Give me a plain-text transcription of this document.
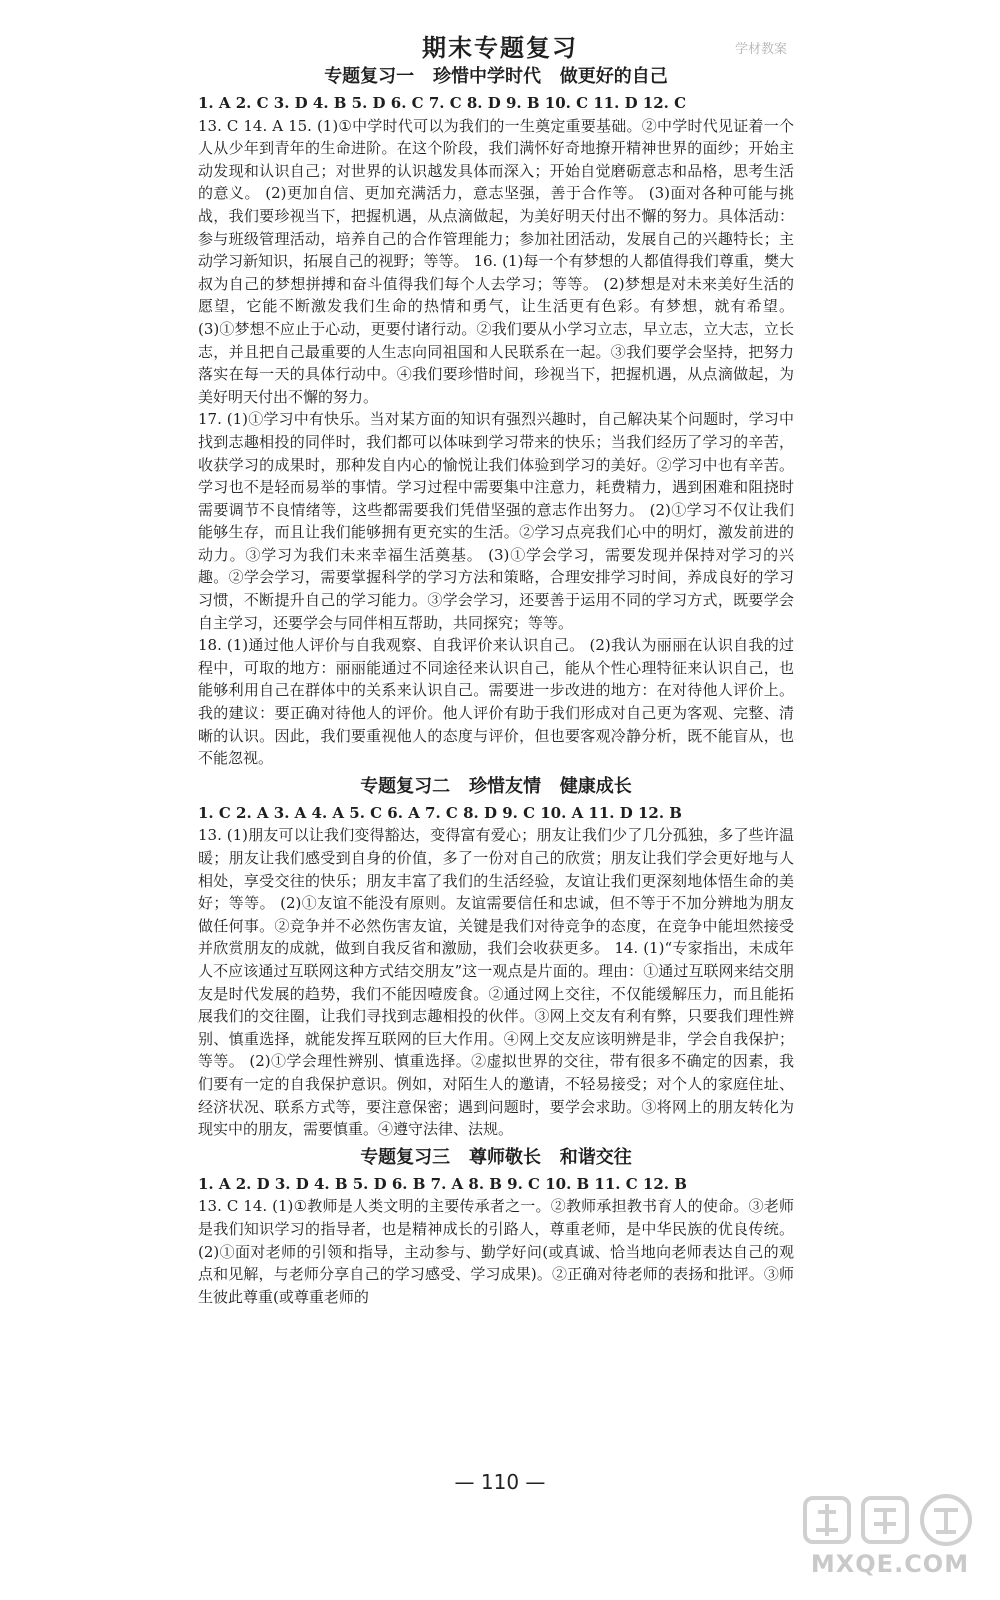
期末专题复习	学材教案
专题复习一   珍惜中学时代   做更好的自己

1. A 2. C 3. D 4. B 5. D 6. C 7. C 8. D 9. B 10. C 11. D 12. C

13. C 14. A 15. (1)①中学时代可以为我们的一生奠定重要基础。②中学时代见证着一个人从少年到青年的生命进阶。在这个阶段，我们满怀好奇地撩开精神世界的面纱；开始主动发现和认识自己；对世界的认识越发具体而深入；开始自觉磨砺意志和品格，思考生活的意义。 (2)更加自信、更加充满活力，意志坚强，善于合作等。 (3)面对各种可能与挑战，我们要珍视当下，把握机遇，从点滴做起，为美好明天付出不懈的努力。具体活动：参与班级管理活动，培养自己的合作管理能力；参加社团活动，发展自己的兴趣特长；主动学习新知识，拓展自己的视野；等等。 16. (1)每一个有梦想的人都值得我们尊重，樊大叔为自己的梦想拼搏和奋斗值得我们每个人去学习；等等。 (2)梦想是对未来美好生活的愿望，它能不断激发我们生命的热情和勇气，让生活更有色彩。有梦想，就有希望。 (3)①梦想不应止于心动，更要付诸行动。②我们要从小学习立志，早立志，立大志，立长志，并且把自己最重要的人生志向同祖国和人民联系在一起。③我们要学会坚持，把努力落实在每一天的具体行动中。④我们要珍惜时间，珍视当下，把握机遇，从点滴做起，为美好明天付出不懈的努力。

17. (1)①学习中有快乐。当对某方面的知识有强烈兴趣时，自己解决某个问题时，学习中找到志趣相投的同伴时，我们都可以体味到学习带来的快乐；当我们经历了学习的辛苦，收获学习的成果时，那种发自内心的愉悦让我们体验到学习的美好。②学习中也有辛苦。学习也不是轻而易举的事情。学习过程中需要集中注意力，耗费精力，遇到困难和阻挠时需要调节不良情绪等，这些都需要我们凭借坚强的意志作出努力。 (2)①学习不仅让我们能够生存，而且让我们能够拥有更充实的生活。②学习点亮我们心中的明灯，激发前进的动力。③学习为我们未来幸福生活奠基。 (3)①学会学习，需要发现并保持对学习的兴趣。②学会学习，需要掌握科学的学习方法和策略，合理安排学习时间，养成良好的学习习惯，不断提升自己的学习能力。③学会学习，还要善于运用不同的学习方式，既要学会自主学习，还要学会与同伴相互帮助，共同探究；等等。

18. (1)通过他人评价与自我观察、自我评价来认识自己。 (2)我认为丽丽在认识自我的过程中，可取的地方：丽丽能通过不同途径来认识自己，能从个性心理特征来认识自己，也能够利用自己在群体中的关系来认识自己。需要进一步改进的地方：在对待他人评价上。我的建议：要正确对待他人的评价。他人评价有助于我们形成对自己更为客观、完整、清晰的认识。因此，我们要重视他人的态度与评价，但也要客观冷静分析，既不能盲从，也不能忽视。

专题复习二   珍惜友情   健康成长

1. C 2. A 3. A 4. A 5. C 6. A 7. C 8. D 9. C 10. A 11. D 12. B

13. (1)朋友可以让我们变得豁达，变得富有爱心；朋友让我们少了几分孤独，多了些许温暖；朋友让我们感受到自身的价值，多了一份对自己的欣赏；朋友让我们学会更好地与人相处，享受交往的快乐；朋友丰富了我们的生活经验，友谊让我们更深刻地体悟生命的美好；等等。 (2)①友谊不能没有原则。友谊需要信任和忠诚，但不等于不加分辨地为朋友做任何事。②竞争并不必然伤害友谊，关键是我们对待竞争的态度，在竞争中能坦然接受并欣赏朋友的成就，做到自我反省和激励，我们会收获更多。 14. (1)“专家指出，未成年人不应该通过互联网这种方式结交朋友”这一观点是片面的。理由：①通过互联网来结交朋友是时代发展的趋势，我们不能因噎废食。②通过网上交往，不仅能缓解压力，而且能拓展我们的交往圈，让我们寻找到志趣相投的伙伴。③网上交友有利有弊，只要我们理性辨别、慎重选择，就能发挥互联网的巨大作用。④网上交友应该明辨是非，学会自我保护；等等。 (2)①学会理性辨别、慎重选择。②虚拟世界的交往，带有很多不确定的因素，我们要有一定的自我保护意识。例如，对陌生人的邀请，不轻易接受；对个人的家庭住址、经济状况、联系方式等，要注意保密；遇到问题时，要学会求助。③将网上的朋友转化为现实中的朋友，需要慎重。④遵守法律、法规。

专题复习三   尊师敬长   和谐交往

1. A 2. D 3. D 4. B 5. D 6. B 7. A 8. B 9. C 10. B 11. C 12. B

13. C 14. (1)①教师是人类文明的主要传承者之一。②教师承担教书育人的使命。③老师是我们知识学习的指导者，也是精神成长的引路人，尊重老师，是中华民族的优良传统。 (2)①面对老师的引领和指导，主动参与、勤学好问(或真诚、恰当地向老师表达自己的观点和见解，与老师分享自己的学习感受、学习成果)。②正确对待老师的表扬和批评。③师生彼此尊重(或尊重老师的

— 110 —
MXQE.COM
